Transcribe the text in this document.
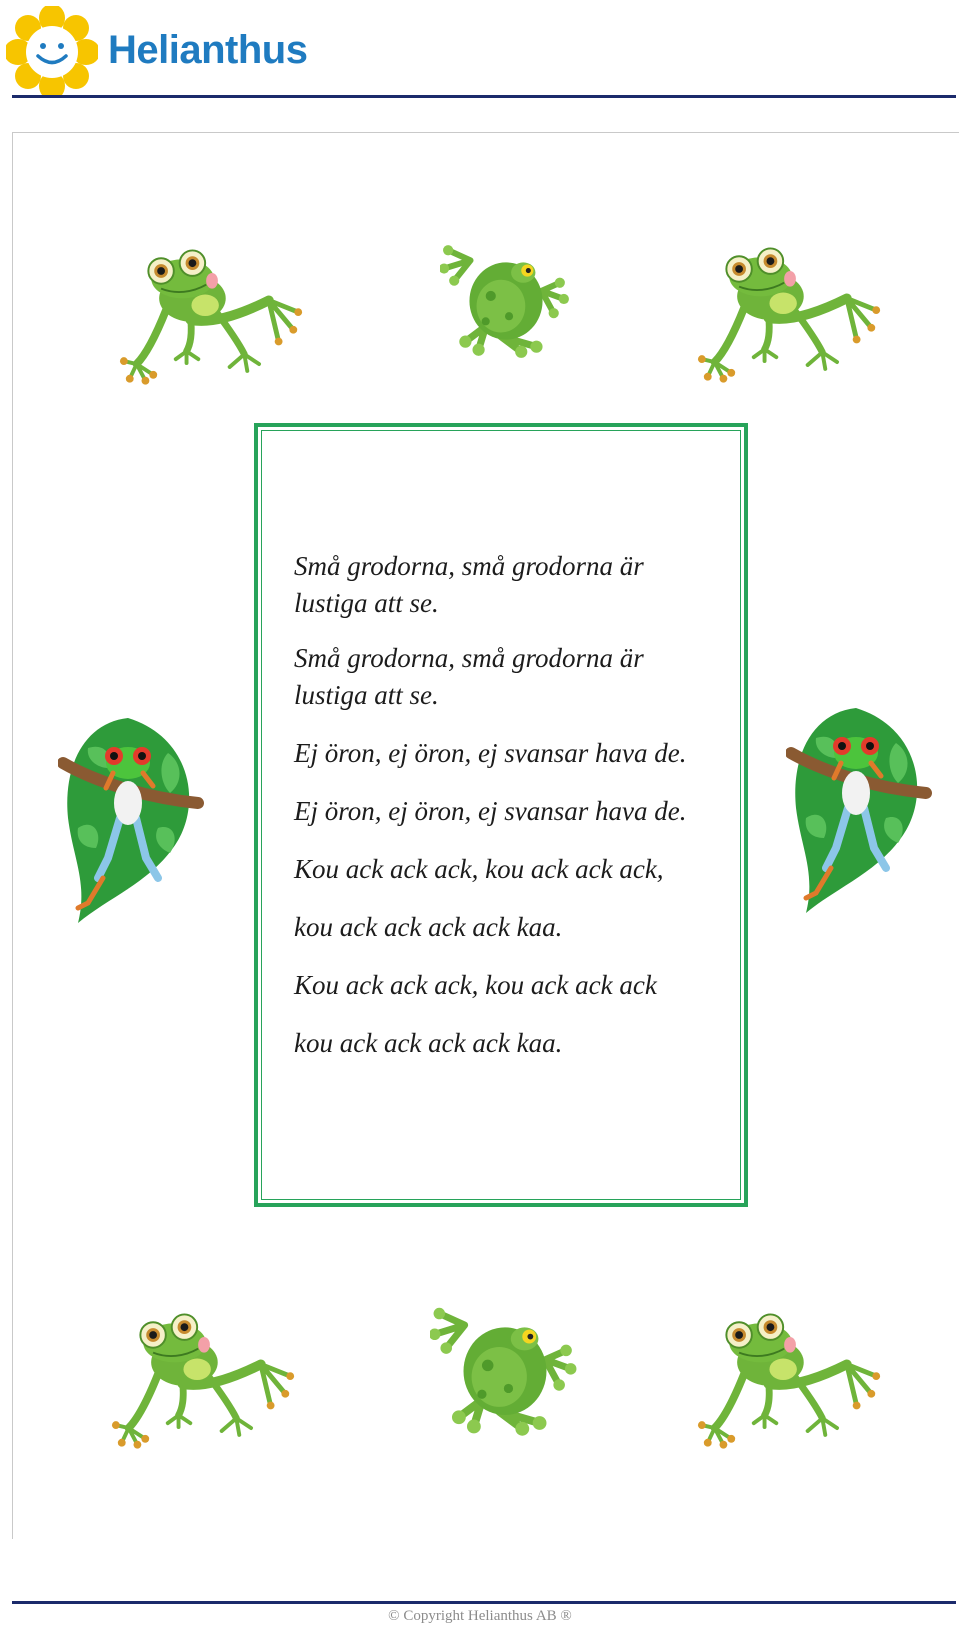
Helianthus

Små grodorna, små grodorna är

lustiga att se.

Små grodorna, små grodorna är

lustiga att se.

Ej öron, ej öron, ej svansar hava de.

Ej öron, ej öron, ej svansar hava de.

Kou ack ack ack, kou ack ack ack,

kou ack ack ack ack kaa.

Kou ack ack ack, kou ack ack ack

kou ack ack ack ack kaa.

© Copyright Helianthus AB ®
